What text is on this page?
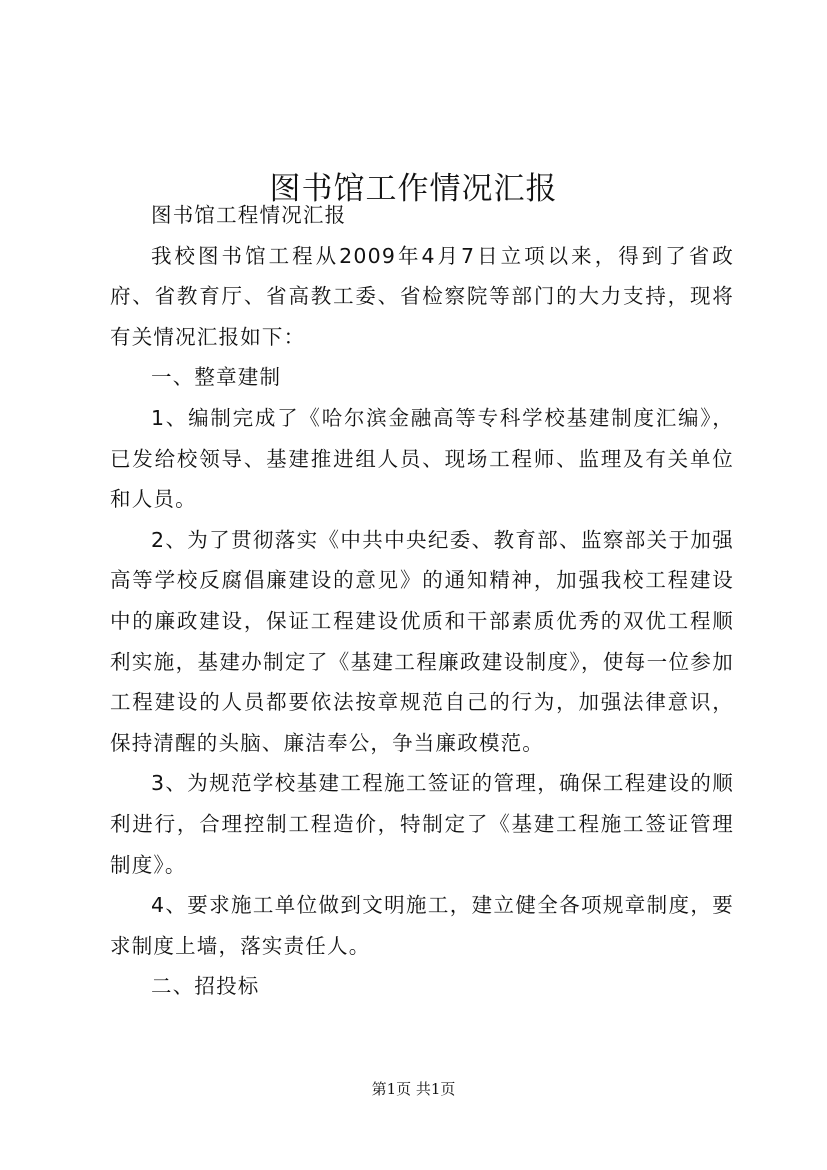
图书馆工作情况汇报

图书馆工程情况汇报

我校图书馆工程从2009年4月7日立项以来，得到了省政府、省教育厅、省高教工委、省检察院等部门的大力支持，现将有关情况汇报如下：

一、整章建制

1、编制完成了《哈尔滨金融高等专科学校基建制度汇编》，已发给校领导、基建推进组人员、现场工程师、监理及有关单位和人员。

2、为了贯彻落实《中共中央纪委、教育部、监察部关于加强高等学校反腐倡廉建设的意见》的通知精神，加强我校工程建设中的廉政建设，保证工程建设优质和干部素质优秀的双优工程顺利实施，基建办制定了《基建工程廉政建设制度》，使每一位参加工程建设的人员都要依法按章规范自己的行为，加强法律意识，保持清醒的头脑、廉洁奉公，争当廉政模范。

3、为规范学校基建工程施工签证的管理，确保工程建设的顺利进行，合理控制工程造价，特制定了《基建工程施工签证管理制度》。

4、要求施工单位做到文明施工，建立健全各项规章制度，要求制度上墙，落实责任人。

二、招投标

第1页 共1页
